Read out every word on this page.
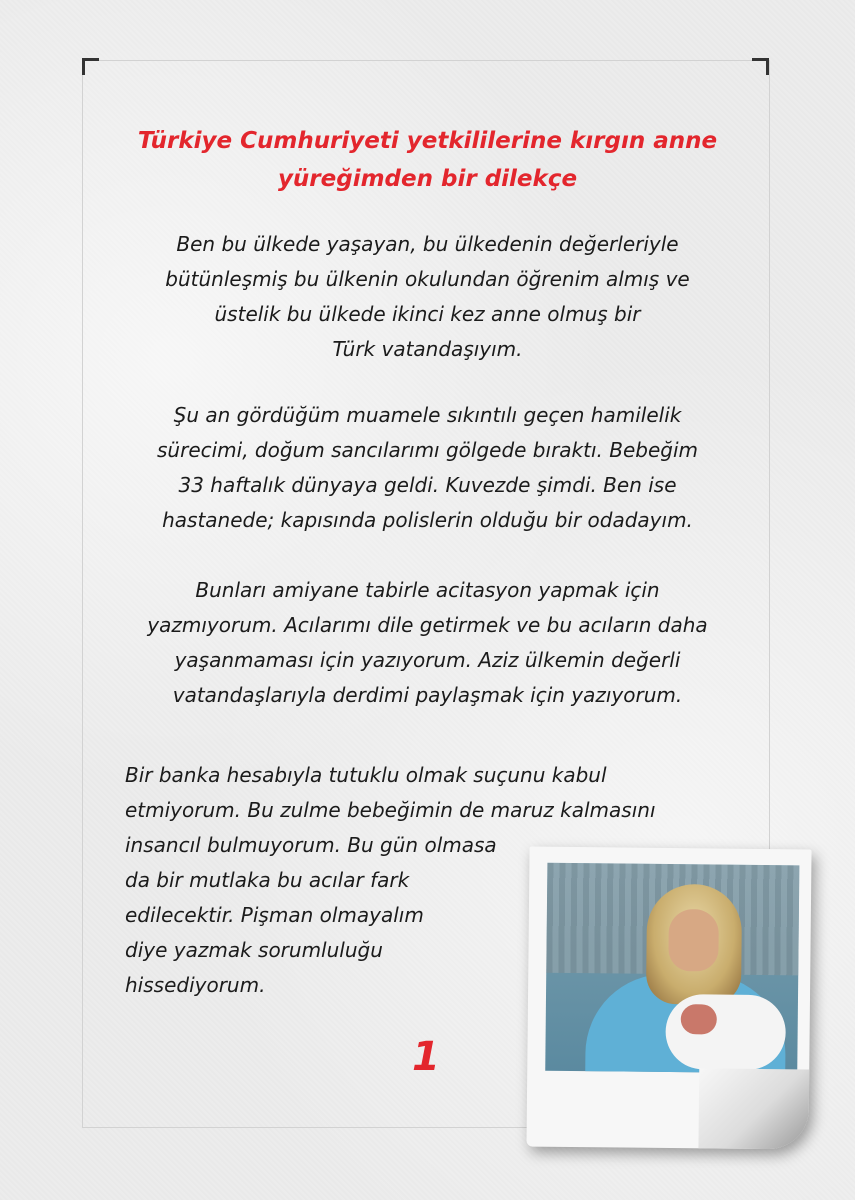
Türkiye Cumhuriyeti yetkililerine kırgın anne
yüreğimden bir dilekçe
Ben bu ülkede yaşayan, bu ülkedenin değerleriyle
bütünleşmiş bu ülkenin okulundan öğrenim almış ve
üstelik bu ülkede ikinci kez anne olmuş bir
Türk vatandaşıyım.
Şu an gördüğüm muamele sıkıntılı geçen hamilelik
sürecimi, doğum sancılarımı gölgede bıraktı. Bebeğim
33 haftalık dünyaya geldi. Kuvezde şimdi. Ben ise
hastanede; kapısında polislerin olduğu bir odadayım.
Bunları amiyane tabirle acitasyon yapmak için
yazmıyorum. Acılarımı dile getirmek ve bu acıların daha
yaşanmaması için yazıyorum. Aziz ülkemin değerli
vatandaşlarıyla derdimi paylaşmak için yazıyorum.
Bir banka hesabıyla tutuklu olmak suçunu kabul
etmiyorum. Bu zulme bebeğimin de maruz kalmasını
insancıl bulmuyorum. Bu gün olmasa
da bir mutlaka bu acılar fark
edilecektir. Pişman olmayalım
diye yazmak sorumluluğu
hissediyorum.
1
